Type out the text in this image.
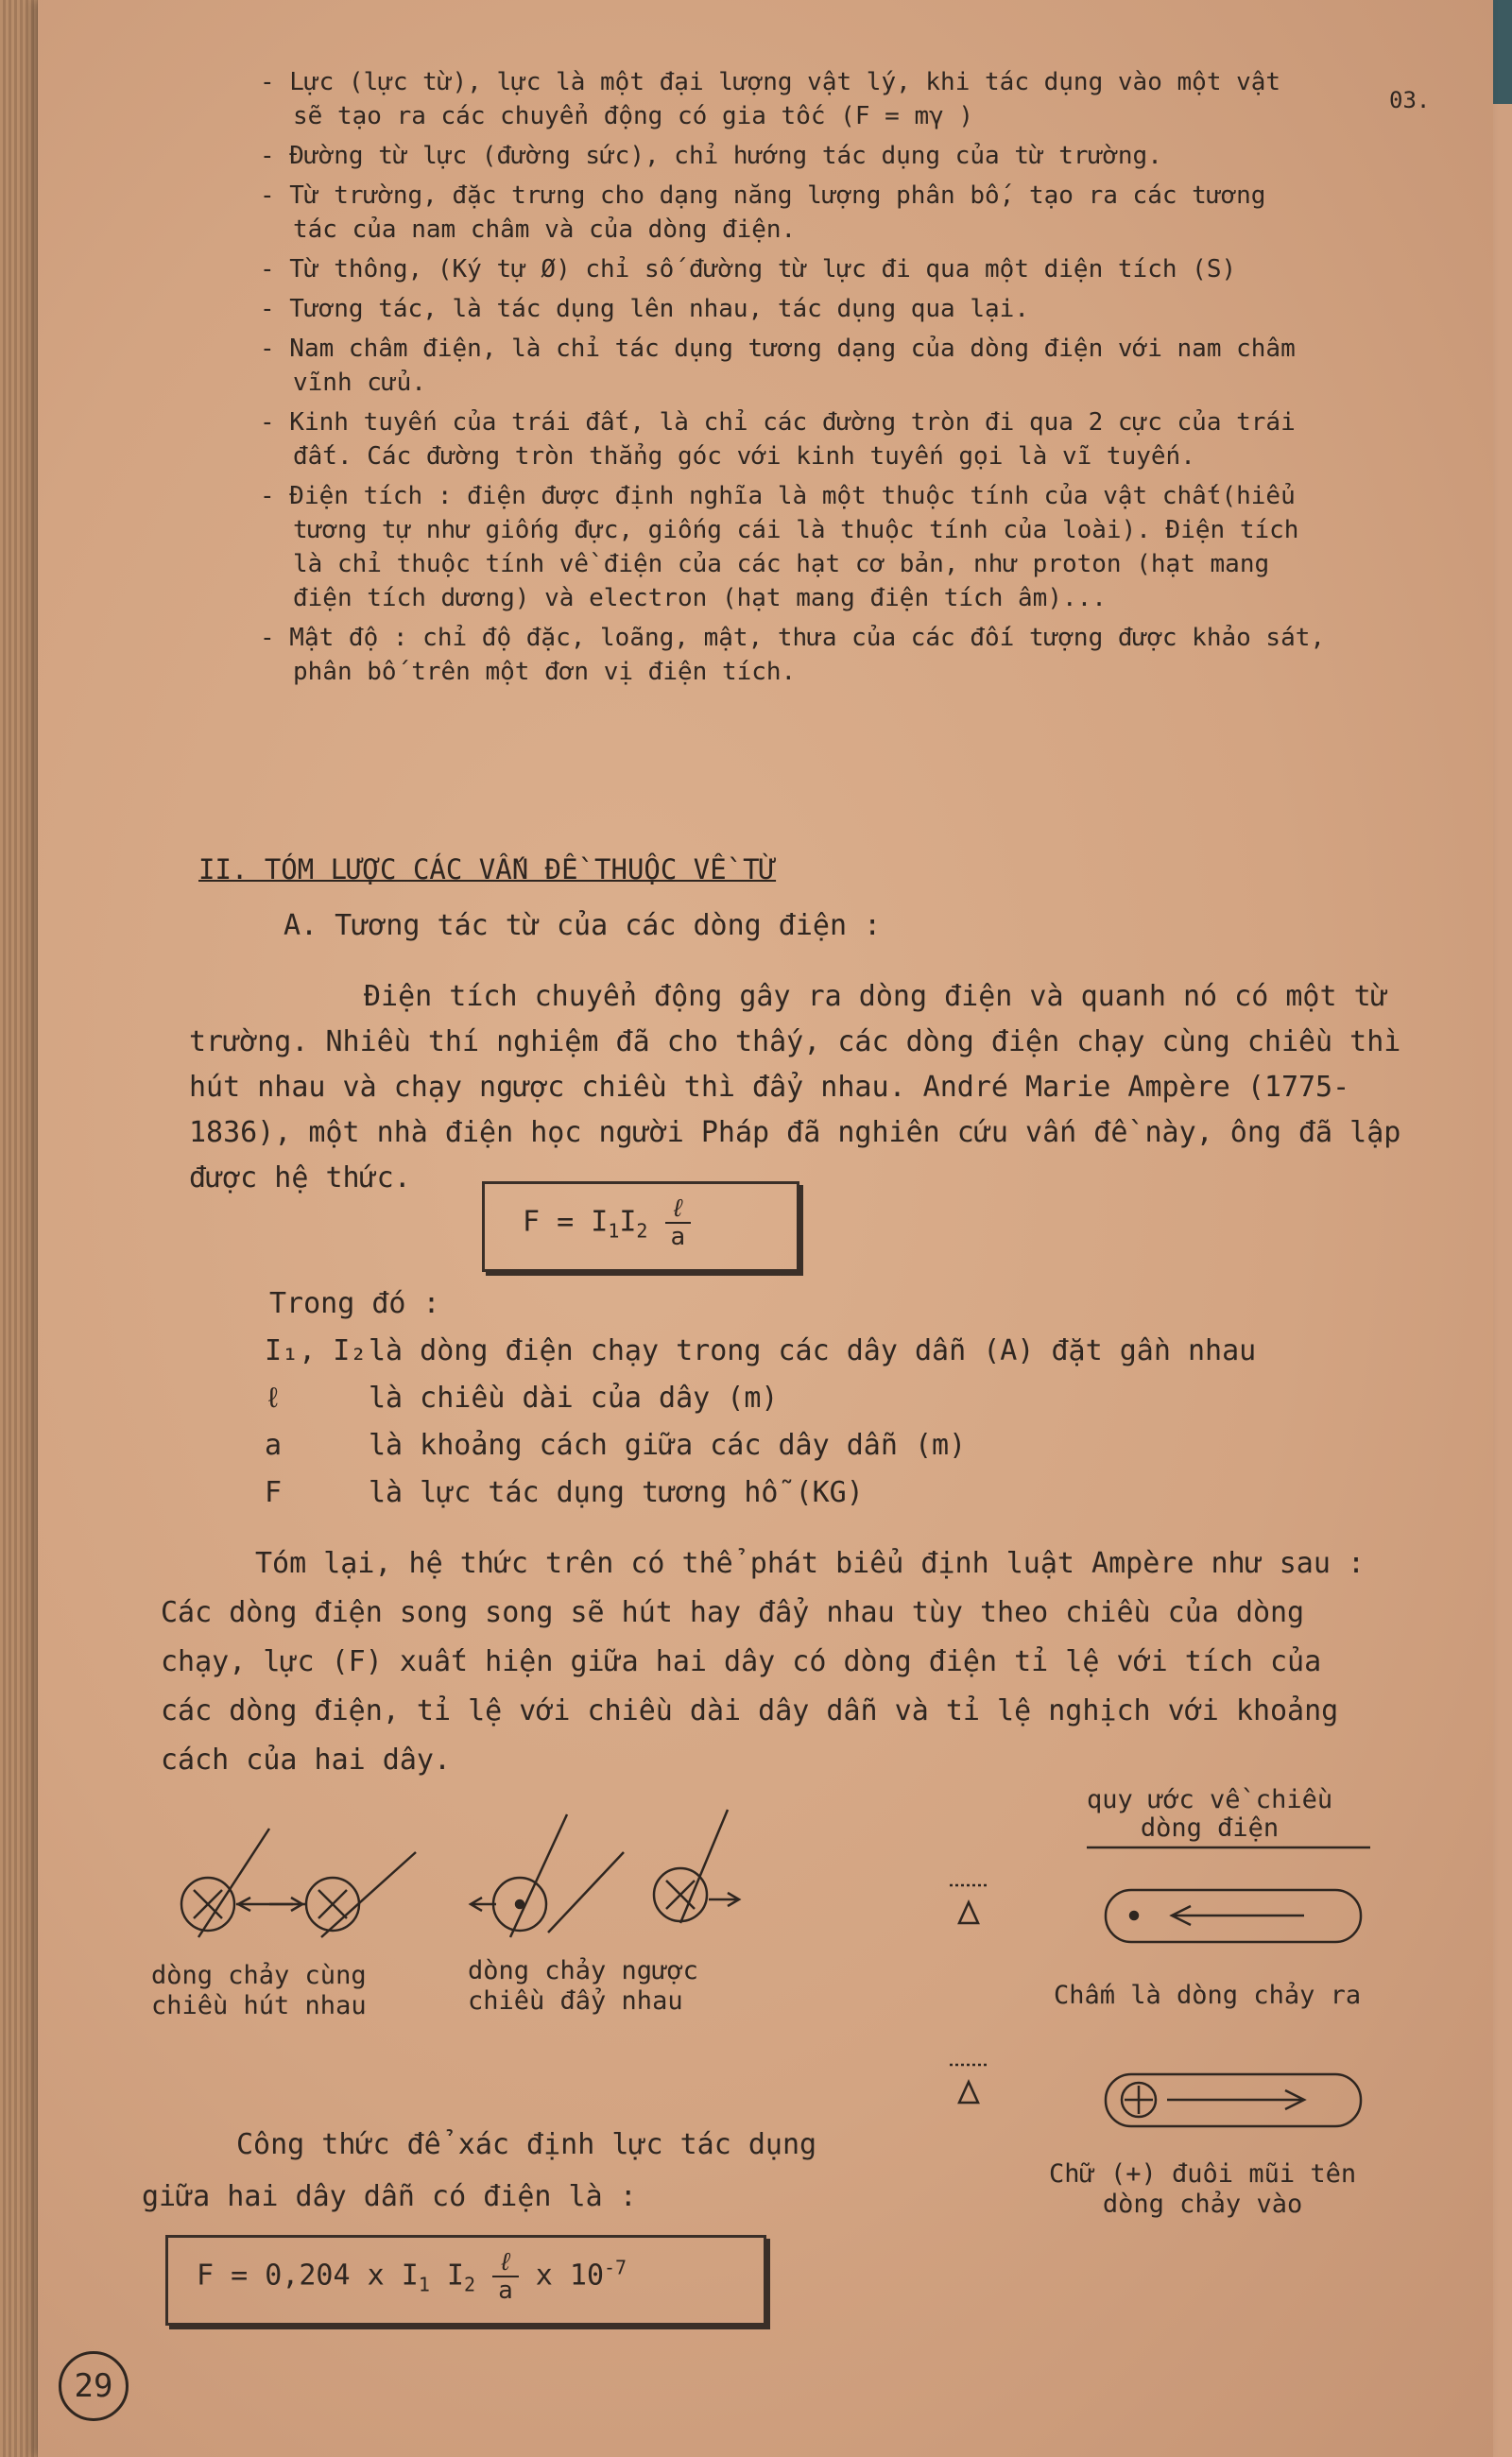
03.
- Lực (lực từ), lực là một đại lượng vật lý, khi tác dụng vào một vật
sẽ tạo ra các chuyển động có gia tốc (F = mγ )
- Đường từ lực (đường sức), chỉ hướng tác dụng của từ trường.
- Từ trường, đặc trưng cho dạng năng lượng phân bố, tạo ra các tương
tác của nam châm và của dòng điện.
- Từ thông, (Ký tự Ø) chỉ số đường từ lực đi qua một diện tích (S)
- Tương tác, là tác dụng lên nhau, tác dụng qua lại.
- Nam châm điện, là chỉ tác dụng tương dạng của dòng điện với nam châm
vĩnh cửu.
- Kinh tuyến của trái đất, là chỉ các đường tròn đi qua 2 cực của trái
đất. Các đường tròn thẳng góc với kinh tuyến gọi là vĩ tuyến.
- Điện tích : điện được định nghĩa là một thuộc tính của vật chất(hiểu
tương tự như giống đực, giống cái là thuộc tính của loài). Điện tích
là chỉ thuộc tính về điện của các hạt cơ bản, như proton (hạt mang
điện tích dương) và electron (hạt mang điện tích âm)...
- Mật độ : chỉ độ đặc, loãng, mật, thưa của các đối tượng được khảo sát,
phân bố trên một đơn vị điện tích.
II. TÓM LƯỢC CÁC VẤN ĐỀ THUỘC VỀ TỪ
A. Tương tác từ của các dòng điện :
Điện tích chuyển động gây ra dòng điện và quanh nó có một từ
trường. Nhiều thí nghiệm đã cho thấy, các dòng điện chạy cùng chiều thì
hút nhau và chạy ngược chiều thì đẩy nhau. André Marie Ampère (1775-
1836), một nhà điện học người Pháp đã nghiên cứu vấn đề này, ông đã lập
được hệ thức.
$F = I_1I_2 \frac{\text{ℓ}}{a}$
Trong đó :
I₁, I₂ là dòng điện chạy trong các dây dẫn (A) đặt gần nhau
ℓ	là chiều dài của dây (m)
a	là khoảng cách giữa các dây dẫn (m)
F	là lực tác dụng tương hỗ (KG)
Tóm lại, hệ thức trên có thể phát biểu định luật Ampère như sau :
Các dòng điện song song sẽ hút hay đẩy nhau tùy theo chiều của dòng
chạy, lực (F) xuất hiện giữa hai dây có dòng điện tỉ lệ với tích của
các dòng điện, tỉ lệ với chiều dài dây dẫn và tỉ lệ nghịch với khoảng
cách của hai dây.
dòng chảy cùng
chiều hút nhau
dòng chảy ngược
chiều đẩy nhau
quy ước về chiều
dòng điện
Chấm là dòng chảy ra
Chữ (+) đuôi mũi tên
dòng chảy vào
Công thức để xác định lực tác dụng
giữa hai dây dẫn có điện là :
F = 0,204 x $I_1$ $I_2 \frac{\text{ℓ}}{a}$ x $10^{-7}$
29
